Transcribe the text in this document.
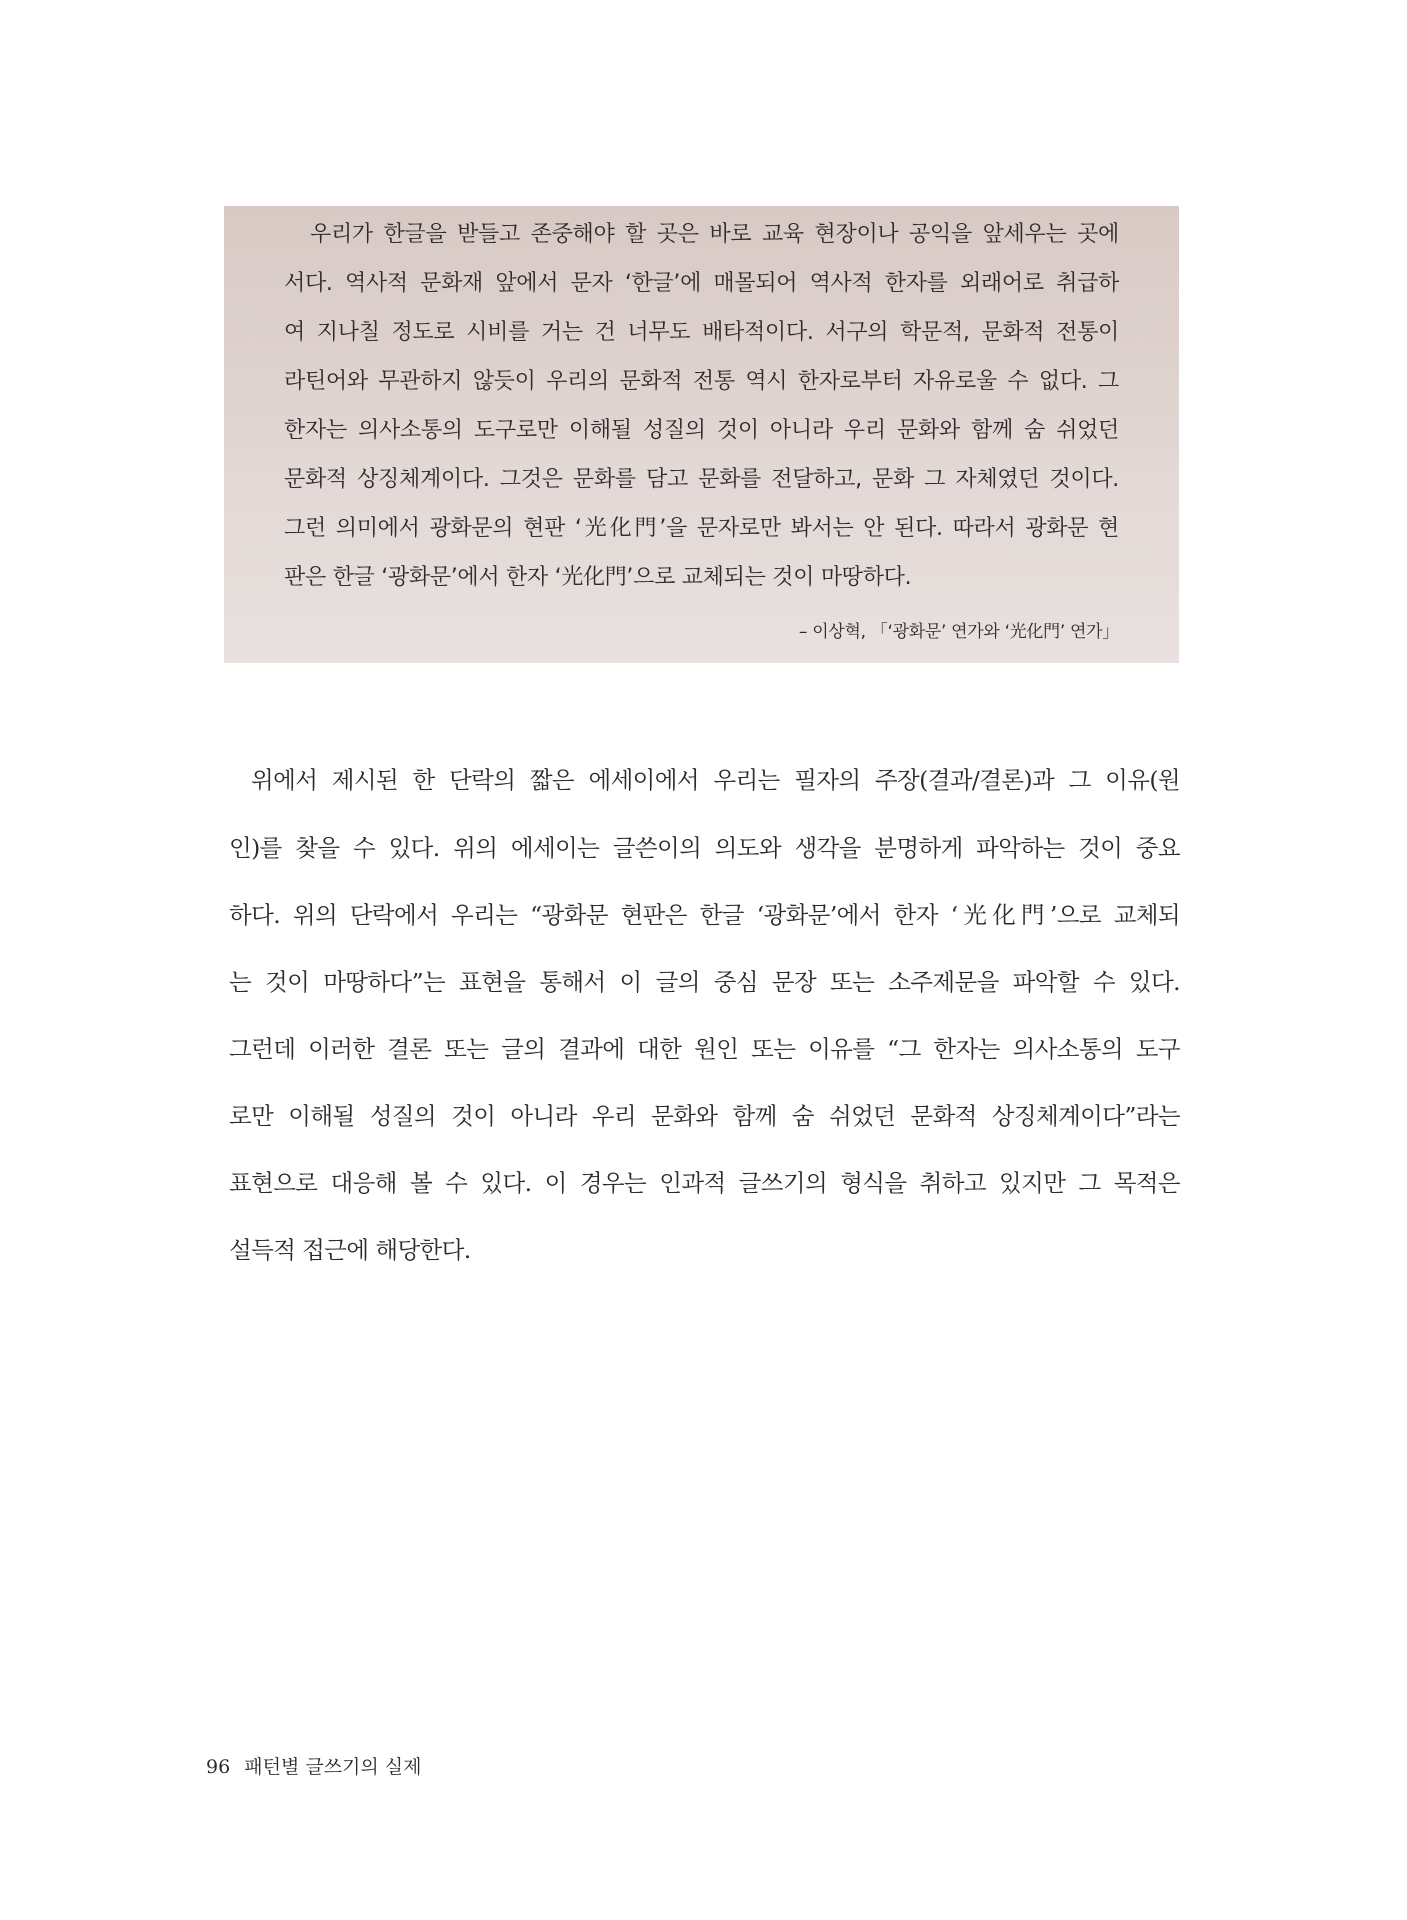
우리가 한글을 받들고 존중해야 할 곳은 바로 교육 현장이나 공익을 앞세우는 곳에
서다. 역사적 문화재 앞에서 문자 ‘한글’에 매몰되어 역사적 한자를 외래어로 취급하
여 지나칠 정도로 시비를 거는 건 너무도 배타적이다. 서구의 학문적, 문화적 전통이
라틴어와 무관하지 않듯이 우리의 문화적 전통 역시 한자로부터 자유로울 수 없다. 그
한자는 의사소통의 도구로만 이해될 성질의 것이 아니라 우리 문화와 함께 숨 쉬었던
문화적 상징체계이다. 그것은 문화를 담고 문화를 전달하고, 문화 그 자체였던 것이다.
그런 의미에서 광화문의 현판 ‘光化門’을 문자로만 봐서는 안 된다. 따라서 광화문 현
판은 한글 ‘광화문’에서 한자 ‘光化門’으로 교체되는 것이 마땅하다.
– 이상혁, 「‘광화문’ 연가와 ‘光化門’ 연가」
위에서 제시된 한 단락의 짧은 에세이에서 우리는 필자의 주장(결과/결론)과 그 이유(원
인)를 찾을 수 있다. 위의 에세이는 글쓴이의 의도와 생각을 분명하게 파악하는 것이 중요
하다. 위의 단락에서 우리는 “광화문 현판은 한글 ‘광화문’에서 한자 ‘光化門’으로 교체되
는 것이 마땅하다”는 표현을 통해서 이 글의 중심 문장 또는 소주제문을 파악할 수 있다.
그런데 이러한 결론 또는 글의 결과에 대한 원인 또는 이유를 “그 한자는 의사소통의 도구
로만 이해될 성질의 것이 아니라 우리 문화와 함께 숨 쉬었던 문화적 상징체계이다”라는
표현으로 대응해 볼 수 있다. 이 경우는 인과적 글쓰기의 형식을 취하고 있지만 그 목적은
설득적 접근에 해당한다.
96 패턴별 글쓰기의 실제
